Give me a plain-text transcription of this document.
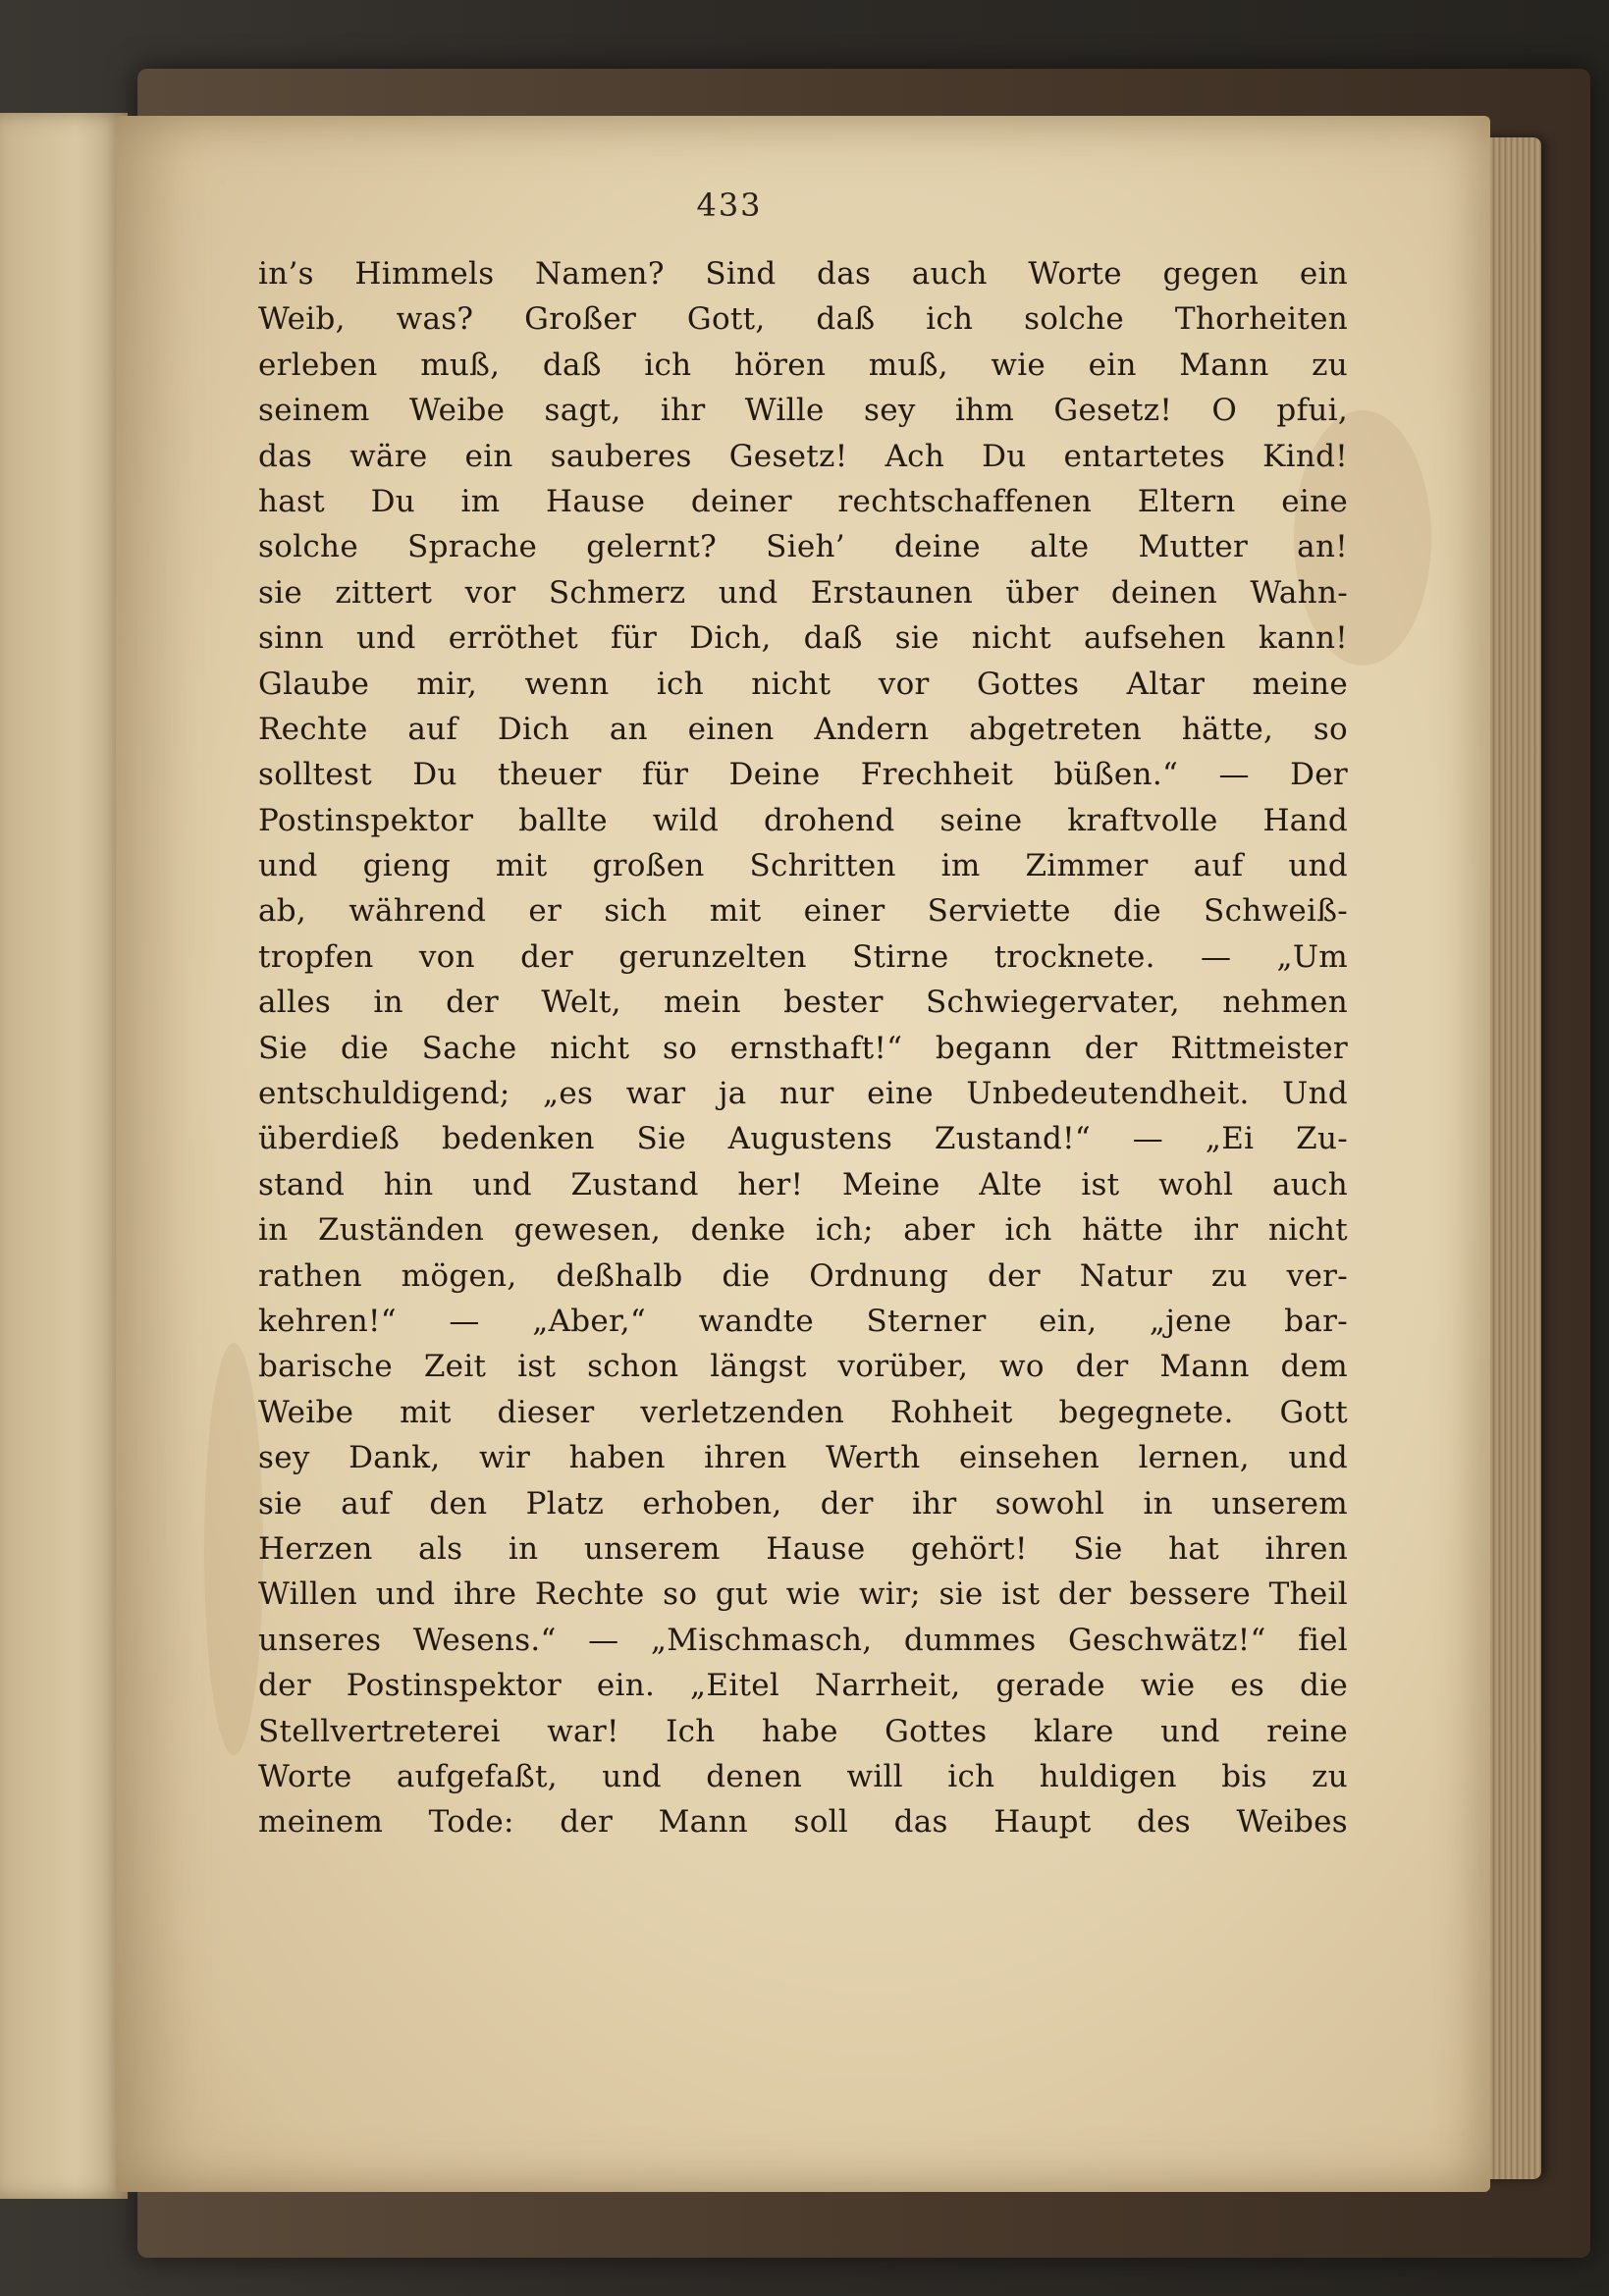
433
in’s Himmels Namen? Sind das auch Worte gegen ein
Weib, was? Großer Gott, daß ich solche Thorheiten
erleben muß, daß ich hören muß, wie ein Mann zu
seinem Weibe sagt, ihr Wille sey ihm Gesetz! O pfui,
das wäre ein sauberes Gesetz! Ach Du entartetes Kind!
hast Du im Hause deiner rechtschaffenen Eltern eine
solche Sprache gelernt? Sieh’ deine alte Mutter an!
sie zittert vor Schmerz und Erstaunen über deinen Wahn-
sinn und erröthet für Dich, daß sie nicht aufsehen kann!
Glaube mir, wenn ich nicht vor Gottes Altar meine
Rechte auf Dich an einen Andern abgetreten hätte, so
solltest Du theuer für Deine Frechheit büßen.“ — Der
Postinspektor ballte wild drohend seine kraftvolle Hand
und gieng mit großen Schritten im Zimmer auf und
ab, während er sich mit einer Serviette die Schweiß-
tropfen von der gerunzelten Stirne trocknete. — „Um
alles in der Welt, mein bester Schwiegervater, nehmen
Sie die Sache nicht so ernsthaft!“ begann der Rittmeister
entschuldigend; „es war ja nur eine Unbedeutendheit. Und
überdieß bedenken Sie Augustens Zustand!“ — „Ei Zu-
stand hin und Zustand her! Meine Alte ist wohl auch
in Zuständen gewesen, denke ich; aber ich hätte ihr nicht
rathen mögen, deßhalb die Ordnung der Natur zu ver-
kehren!“ — „Aber,“ wandte Sterner ein, „jene bar-
barische Zeit ist schon längst vorüber, wo der Mann dem
Weibe mit dieser verletzenden Rohheit begegnete. Gott
sey Dank, wir haben ihren Werth einsehen lernen, und
sie auf den Platz erhoben, der ihr sowohl in unserem
Herzen als in unserem Hause gehört! Sie hat ihren
Willen und ihre Rechte so gut wie wir; sie ist der bessere Theil
unseres Wesens.“ — „Mischmasch, dummes Geschwätz!“ fiel
der Postinspektor ein. „Eitel Narrheit, gerade wie es die
Stellvertreterei war! Ich habe Gottes klare und reine
Worte aufgefaßt, und denen will ich huldigen bis zu
meinem Tode: der Mann soll das Haupt des Weibes
